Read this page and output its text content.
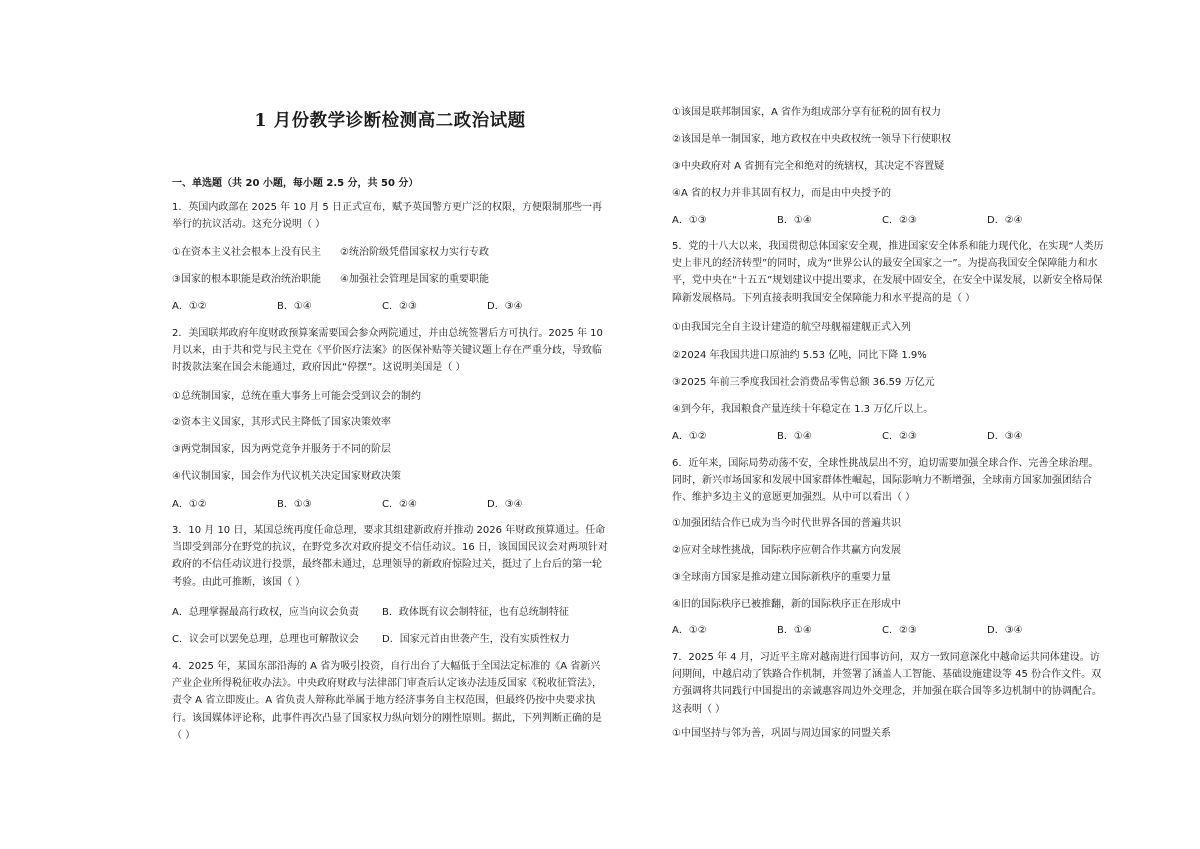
1 月份教学诊断检测高二政治试题

一、单选题（共 20 小题，每小题 2.5 分，共 50 分）

1．英国内政部在 2025 年 10 月 5 日正式宣布，赋予英国警方更广泛的权限，方便限制那些一再举行的抗议活动。这充分说明（ ）

①在资本主义社会根本上没有民主 ②统治阶级凭借国家权力实行专政

③国家的根本职能是政治统治职能 ④加强社会管理是国家的重要职能

A．①②	B．①④	C．②③	D．③④

2．美国联邦政府年度财政预算案需要国会参众两院通过，并由总统签署后方可执行。2025 年 10 月以来，由于共和党与民主党在《平价医疗法案》的医保补贴等关键议题上存在严重分歧，导致临时拨款法案在国会未能通过，政府因此“停摆”。这说明美国是（ ）

①总统制国家，总统在重大事务上可能会受到议会的制约

②资本主义国家，其形式民主降低了国家决策效率

③两党制国家，因为两党竞争并服务于不同的阶层

④代议制国家，国会作为代议机关决定国家财政决策

A．①②	B．①③	C．②④	D．③④

3．10 月 10 日，某国总统再度任命总理，要求其组建新政府并推动 2026 年财政预算通过。任命当即受到部分在野党的抗议，在野党多次对政府提交不信任动议。16 日，该国国民议会对两项针对政府的不信任动议进行投票，最终都未通过，总理领导的新政府惊险过关，挺过了上台后的第一轮考验。由此可推断，该国（ ）

A．总理掌握最高行政权，应当向议会负责 B．政体既有议会制特征，也有总统制特征
C．议会可以罢免总理，总理也可解散议会 D．国家元首由世袭产生，没有实质性权力

4．2025 年，某国东部沿海的 A 省为吸引投资，自行出台了大幅低于全国法定标准的《A 省新兴产业企业所得税征收办法》。中央政府财政与法律部门审查后认定该办法违反国家《税收征管法》，责令 A 省立即废止。A 省负责人辩称此举属于地方经济事务自主权范围，但最终仍按中央要求执行。该国媒体评论称，此事件再次凸显了国家权力纵向划分的刚性原则。据此，下列判断正确的是（ ）

①该国是联邦制国家，A 省作为组成部分享有征税的固有权力

②该国是单一制国家，地方政权在中央政权统一领导下行使职权

③中央政府对 A 省拥有完全和绝对的统辖权，其决定不容置疑

④A 省的权力并非其固有权力，而是由中央授予的

A．①③	B．①④	C．②③	D．②④

5．党的十八大以来，我国贯彻总体国家安全观，推进国家安全体系和能力现代化，在实现“人类历史上非凡的经济转型”的同时，成为“世界公认的最安全国家之一”。为提高我国安全保障能力和水平，党中央在“十五五”规划建议中提出要求，在发展中固安全，在安全中谋发展，以新安全格局保障新发展格局。下列直接表明我国安全保障能力和水平提高的是（ ）

①由我国完全自主设计建造的航空母舰福建舰正式入列

②2024 年我国共进口原油约 5.53 亿吨，同比下降 1.9%

③2025 年前三季度我国社会消费品零售总额 36.59 万亿元

④到今年，我国粮食产量连续十年稳定在 1.3 万亿斤以上。

A．①②	B．①④	C．②③	D．③④

6．近年来，国际局势动荡不安，全球性挑战层出不穷，迫切需要加强全球合作、完善全球治理。同时，新兴市场国家和发展中国家群体性崛起，国际影响力不断增强，全球南方国家加强团结合作、维护多边主义的意愿更加强烈。从中可以看出（ ）

①加强团结合作已成为当今时代世界各国的普遍共识

②应对全球性挑战，国际秩序应朝合作共赢方向发展

③全球南方国家是推动建立国际新秩序的重要力量

④旧的国际秩序已被推翻，新的国际秩序正在形成中

A．①②	B．①④	C．②③	D．③④

7．2025 年 4 月，习近平主席对越南进行国事访问，双方一致同意深化中越命运共同体建设。访问期间，中越启动了铁路合作机制，并签署了涵盖人工智能、基础设施建设等 45 份合作文件。双方强调将共同践行中国提出的亲诚惠容周边外交理念，并加强在联合国等多边机制中的协调配合。这表明（ ）

①中国坚持与邻为善，巩固与周边国家的同盟关系
